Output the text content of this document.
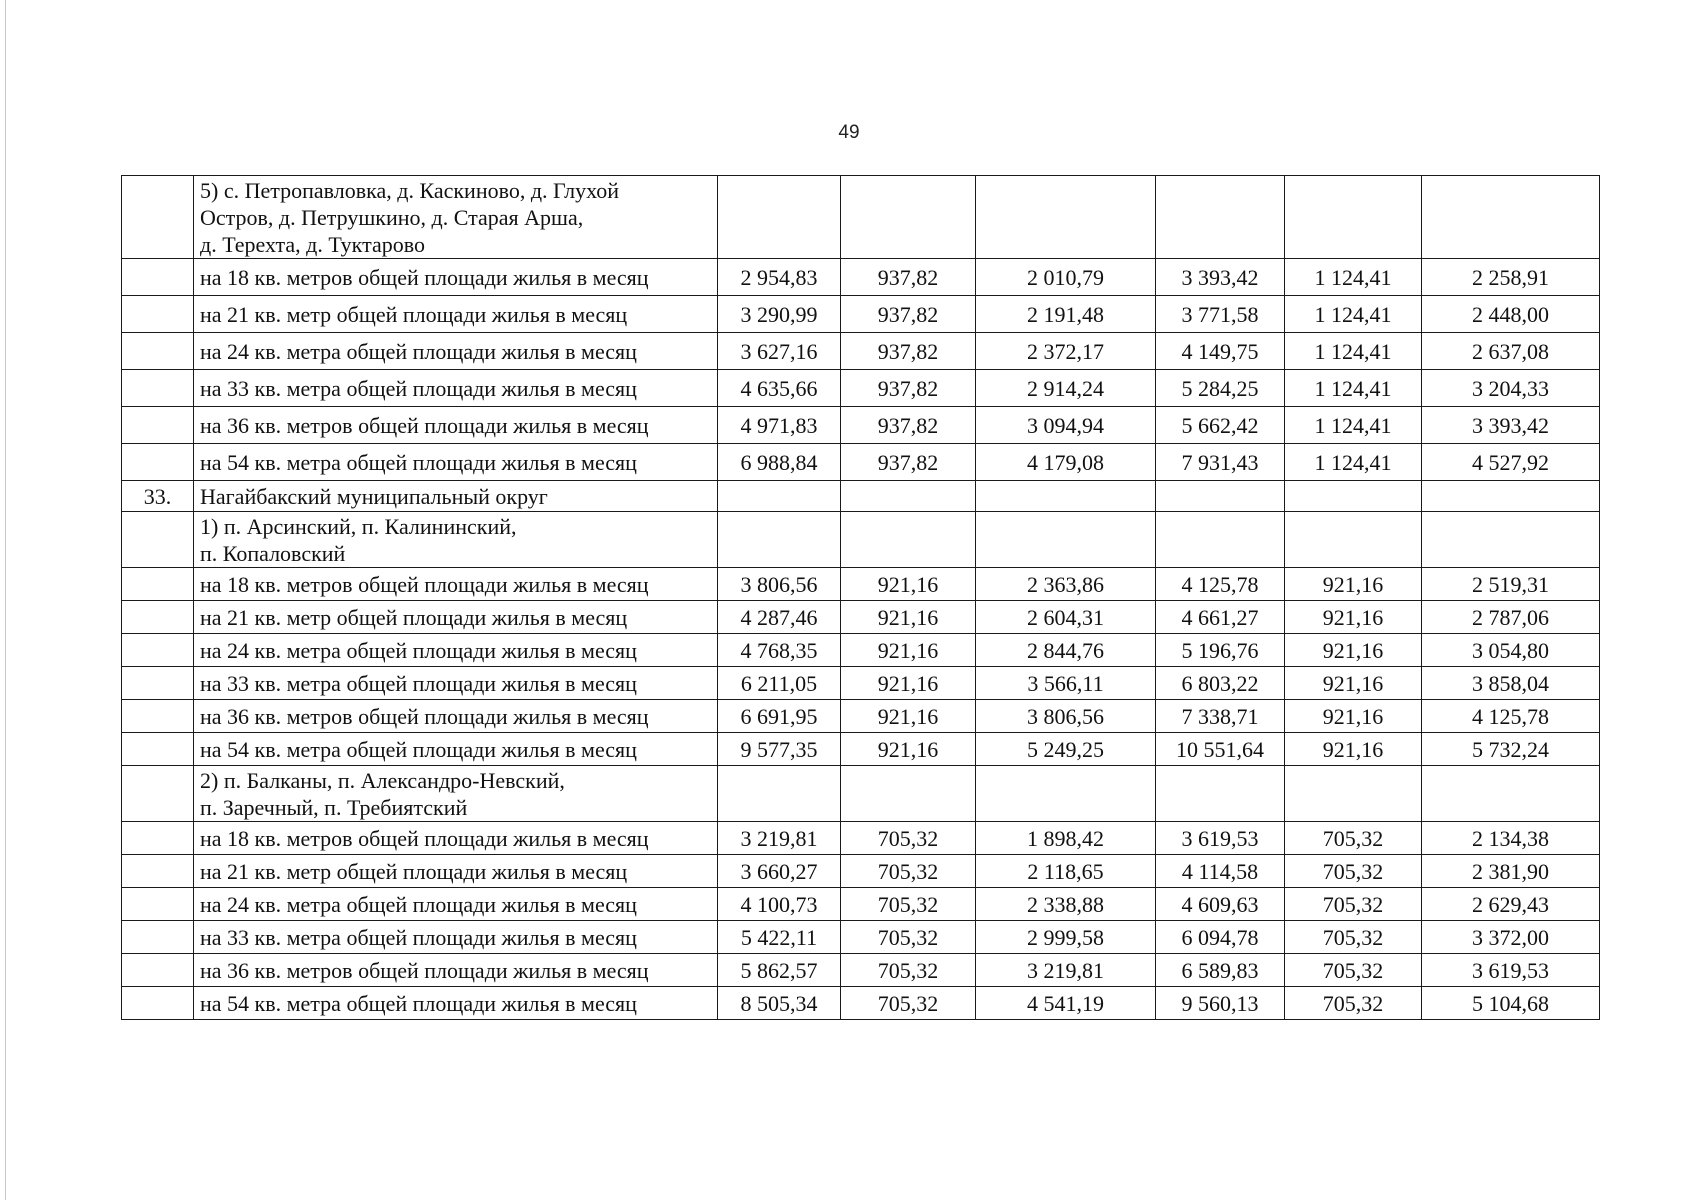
49
	5) с. Петропавловка, д. Каскиново, д. Глухой
Остров, д. Петрушкино, д. Старая Арша,
д. Терехта, д. Туктарово						
	на 18 кв. метров общей площади жилья в месяц	2 954,83	937,82	2 010,79	3 393,42	1 124,41	2 258,91
	на 21 кв. метр общей площади жилья в месяц	3 290,99	937,82	2 191,48	3 771,58	1 124,41	2 448,00
	на 24 кв. метра общей площади жилья в месяц	3 627,16	937,82	2 372,17	4 149,75	1 124,41	2 637,08
	на 33 кв. метра общей площади жилья в месяц	4 635,66	937,82	2 914,24	5 284,25	1 124,41	3 204,33
	на 36 кв. метров общей площади жилья в месяц	4 971,83	937,82	3 094,94	5 662,42	1 124,41	3 393,42
	на 54 кв. метра общей площади жилья в месяц	6 988,84	937,82	4 179,08	7 931,43	1 124,41	4 527,92
33.	Нагайбакский муниципальный округ						
	1) п. Арсинский, п. Калининский,
п. Копаловский						
	на 18 кв. метров общей площади жилья в месяц	3 806,56	921,16	2 363,86	4 125,78	921,16	2 519,31
	на 21 кв. метр общей площади жилья в месяц	4 287,46	921,16	2 604,31	4 661,27	921,16	2 787,06
	на 24 кв. метра общей площади жилья в месяц	4 768,35	921,16	2 844,76	5 196,76	921,16	3 054,80
	на 33 кв. метра общей площади жилья в месяц	6 211,05	921,16	3 566,11	6 803,22	921,16	3 858,04
	на 36 кв. метров общей площади жилья в месяц	6 691,95	921,16	3 806,56	7 338,71	921,16	4 125,78
	на 54 кв. метра общей площади жилья в месяц	9 577,35	921,16	5 249,25	10 551,64	921,16	5 732,24
	2) п. Балканы, п. Александро-Невский,
п. Заречный, п. Требиятский						
	на 18 кв. метров общей площади жилья в месяц	3 219,81	705,32	1 898,42	3 619,53	705,32	2 134,38
	на 21 кв. метр общей площади жилья в месяц	3 660,27	705,32	2 118,65	4 114,58	705,32	2 381,90
	на 24 кв. метра общей площади жилья в месяц	4 100,73	705,32	2 338,88	4 609,63	705,32	2 629,43
	на 33 кв. метра общей площади жилья в месяц	5 422,11	705,32	2 999,58	6 094,78	705,32	3 372,00
	на 36 кв. метров общей площади жилья в месяц	5 862,57	705,32	3 219,81	6 589,83	705,32	3 619,53
	на 54 кв. метра общей площади жилья в месяц	8 505,34	705,32	4 541,19	9 560,13	705,32	5 104,68
